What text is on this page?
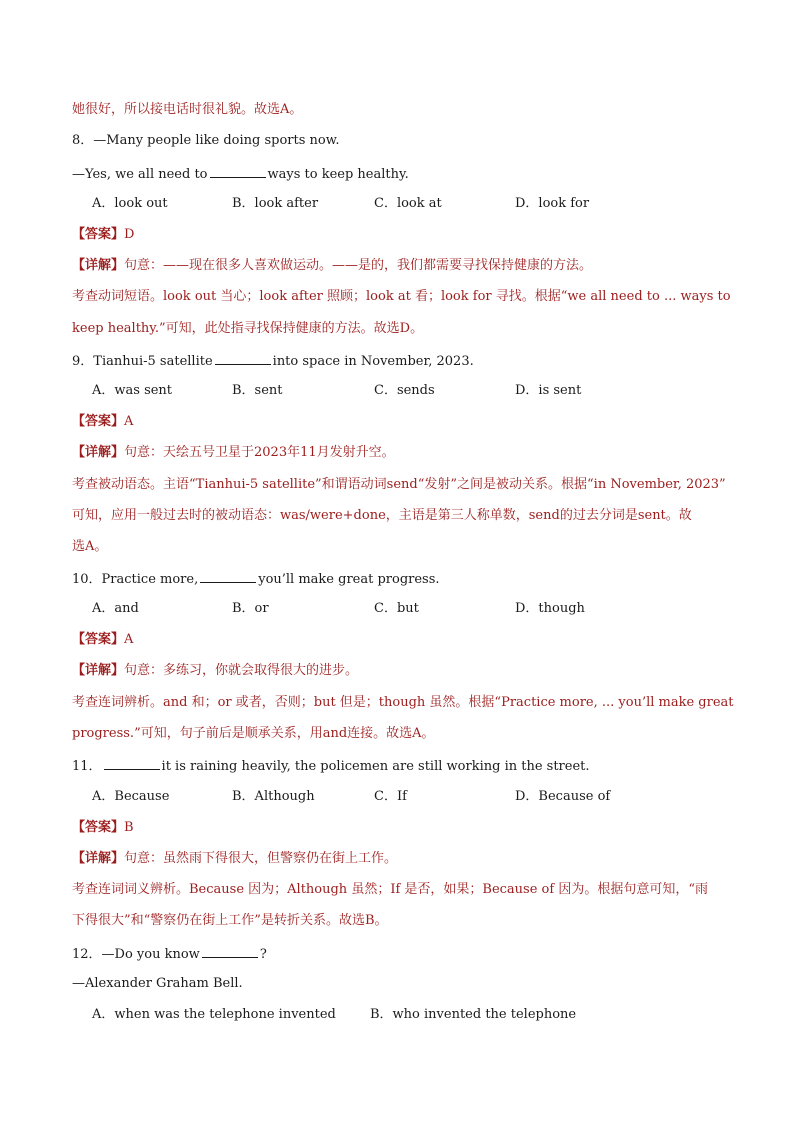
她很好，所以接电话时很礼貌。故选A。
8．—Many people like doing sports now.
—Yes, we all need to	ways to keep healthy.
A．look out	B．look after	C．look at	D．look for
【答案】D
【详解】句意：——现在很多人喜欢做运动。——是的，我们都需要寻找保持健康的方法。
考查动词短语。look out 当心；look after 照顾；look at 看；look for 寻找。根据“we all need to ... ways to
keep healthy.”可知，此处指寻找保持健康的方法。故选D。
9．Tianhui-5 satellite	into space in November, 2023.
A．was sent	B．sent	C．sends	D．is sent
【答案】A
【详解】句意：天绘五号卫星于2023年11月发射升空。
考查被动语态。主语“Tianhui-5 satellite”和谓语动词send“发射”之间是被动关系。根据“in November, 2023”
可知，应用一般过去时的被动语态：was/were+done，主语是第三人称单数，send的过去分词是sent。故
选A。
10．Practice more,	you’ll make great progress.
A．and	B．or	C．but	D．though
【答案】A
【详解】句意：多练习，你就会取得很大的进步。
考查连词辨析。and 和；or 或者，否则；but 但是；though 虽然。根据“Practice more, ... you’ll make great
progress.”可知，句子前后是顺承关系，用and连接。故选A。
11．	it is raining heavily, the policemen are still working in the street.
A．Because	B．Although	C．If	D．Because of
【答案】B
【详解】句意：虽然雨下得很大，但警察仍在街上工作。
考查连词词义辨析。Because 因为；Although 虽然；If 是否，如果；Because of 因为。根据句意可知，“雨
下得很大”和“警察仍在街上工作”是转折关系。故选B。
12．—Do you know	?
—Alexander Graham Bell.
A．when was the telephone invented	B．who invented the telephone
